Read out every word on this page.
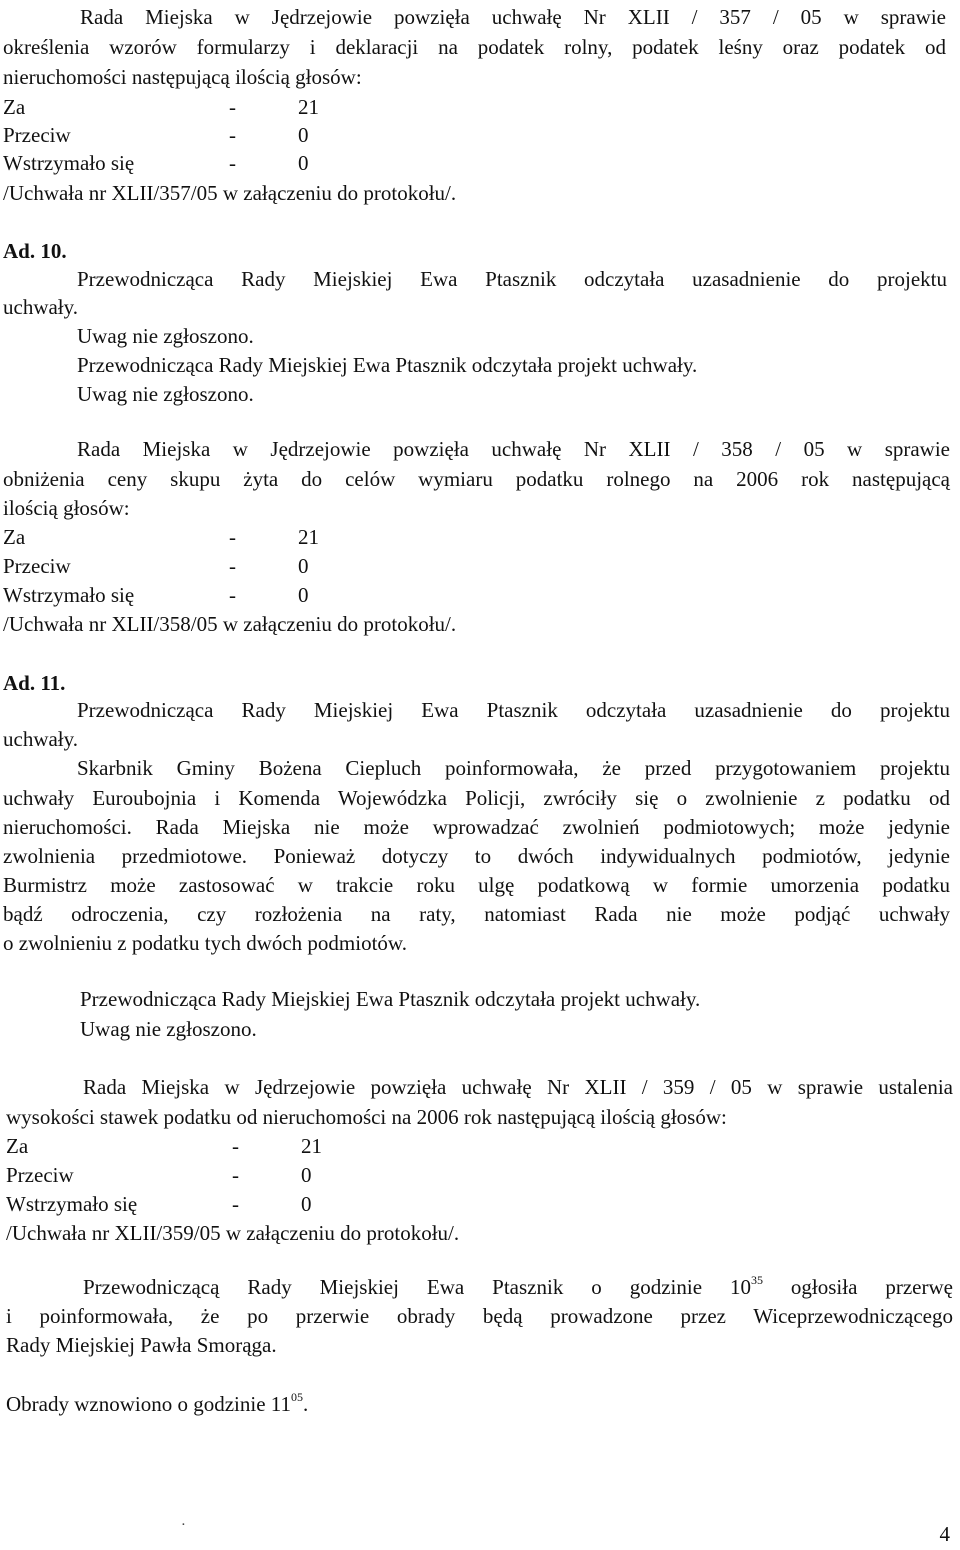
Rada Miejska w Jędrzejowie powzięła uchwałę Nr XLII / 357 / 05 w sprawie
określenia wzorów formularzy i deklaracji na podatek rolny, podatek leśny oraz podatek od
nieruchomości następującą ilością głosów:
Za	-	21
Przeciw	-	0
Wstrzymało się	-	0
/Uchwała nr XLII/357/05 w załączeniu do protokołu/.
Ad. 10.
Przewodnicząca Rady Miejskiej Ewa Ptasznik odczytała uzasadnienie do projektu
uchwały.
Uwag nie zgłoszono.
Przewodnicząca Rady Miejskiej Ewa Ptasznik odczytała projekt uchwały.
Uwag nie zgłoszono.
Rada Miejska w Jędrzejowie powzięła uchwałę Nr XLII / 358 / 05 w sprawie
obniżenia ceny skupu żyta do celów wymiaru podatku rolnego na 2006 rok następującą
ilością głosów:
Za	-	21
Przeciw	-	0
Wstrzymało się	-	0
/Uchwała nr XLII/358/05 w załączeniu do protokołu/.
Ad. 11.
Przewodnicząca Rady Miejskiej Ewa Ptasznik odczytała uzasadnienie do projektu
uchwały.
Skarbnik Gminy Bożena Ciepluch poinformowała, że przed przygotowaniem projektu
uchwały Euroubojnia i Komenda Wojewódzka Policji, zwróciły się o zwolnienie z podatku od
nieruchomości. Rada Miejska nie może wprowadzać zwolnień podmiotowych; może jedynie
zwolnienia przedmiotowe. Ponieważ dotyczy to dwóch indywidualnych podmiotów, jedynie
Burmistrz może zastosować w trakcie roku ulgę podatkową w formie umorzenia podatku
bądź odroczenia, czy rozłożenia na raty, natomiast Rada nie może podjąć uchwały
o zwolnieniu z podatku tych dwóch podmiotów.
Przewodnicząca Rady Miejskiej Ewa Ptasznik odczytała projekt uchwały.
Uwag nie zgłoszono.
Rada Miejska w Jędrzejowie powzięła uchwałę Nr XLII / 359 / 05 w sprawie ustalenia
wysokości stawek podatku od nieruchomości na 2006 rok następującą ilością głosów:
Za	-	21
Przeciw	-	0
Wstrzymało się	-	0
/Uchwała nr XLII/359/05 w załączeniu do protokołu/.
Przewodniczącą Rady Miejskiej Ewa Ptasznik o godzinie $10^{35}$ ogłosiła przerwę
i poinformowała, że po przerwie obrady będą prowadzone przez Wiceprzewodniczącego
Rady Miejskiej Pawła Smorąga.
Obrady wznowiono o godzinie $11^{05}$.
⋅	4
